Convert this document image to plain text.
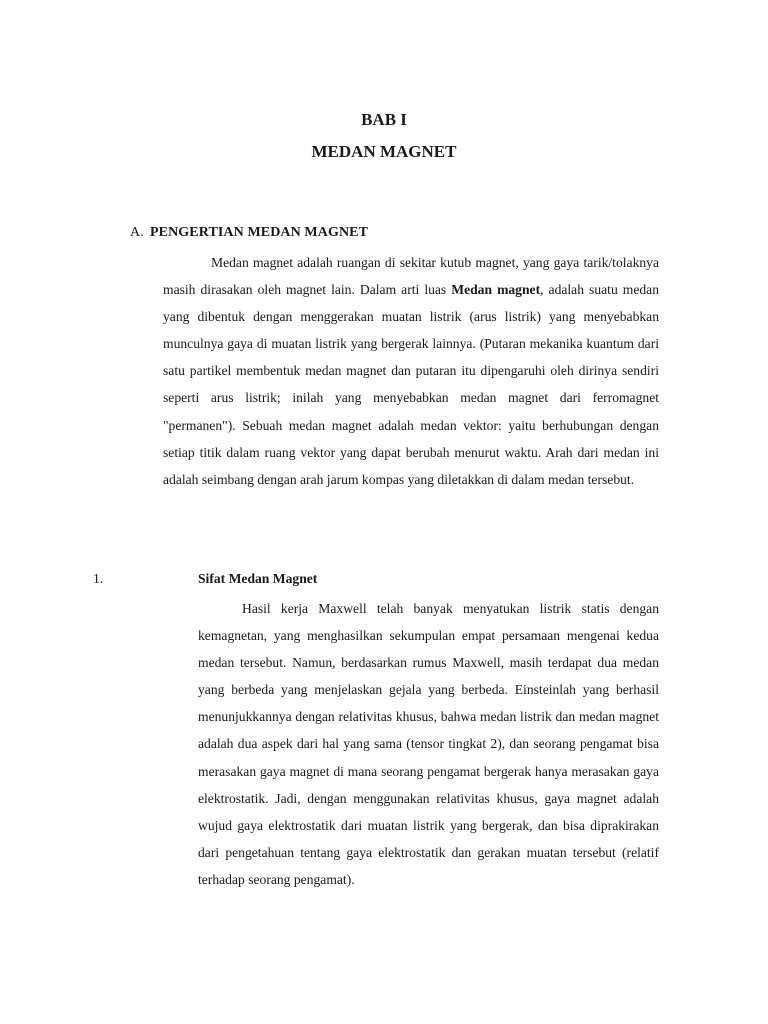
BAB I
MEDAN MAGNET
A. PENGERTIAN MEDAN MAGNET

Medan magnet adalah ruangan di sekitar kutub magnet, yang gaya tarik/tolaknya masih dirasakan oleh magnet lain. Dalam arti luas Medan magnet, adalah suatu medan yang dibentuk dengan menggerakan muatan listrik (arus listrik) yang menyebabkan munculnya gaya di muatan listrik yang bergerak lainnya. (Putaran mekanika kuantum dari satu partikel membentuk medan magnet dan putaran itu dipengaruhi oleh dirinya sendiri seperti arus listrik; inilah yang menyebabkan medan magnet dari ferromagnet "permanen"). Sebuah medan magnet adalah medan vektor: yaitu berhubungan dengan setiap titik dalam ruang vektor yang dapat berubah menurut waktu. Arah dari medan ini adalah seimbang dengan arah jarum kompas yang diletakkan di dalam medan tersebut.

1.	Sifat Medan Magnet

Hasil kerja Maxwell telah banyak menyatukan listrik statis dengan kemagnetan, yang menghasilkan sekumpulan empat persamaan mengenai kedua medan tersebut. Namun, berdasarkan rumus Maxwell, masih terdapat dua medan yang berbeda yang menjelaskan gejala yang berbeda. Einsteinlah yang berhasil menunjukkannya dengan relativitas khusus, bahwa medan listrik dan medan magnet adalah dua aspek dari hal yang sama (tensor tingkat 2), dan seorang pengamat bisa merasakan gaya magnet di mana seorang pengamat bergerak hanya merasakan gaya elektrostatik. Jadi, dengan menggunakan relativitas khusus, gaya magnet adalah wujud gaya elektrostatik dari muatan listrik yang bergerak, dan bisa diprakirakan dari pengetahuan tentang gaya elektrostatik dan gerakan muatan tersebut (relatif terhadap seorang pengamat).
